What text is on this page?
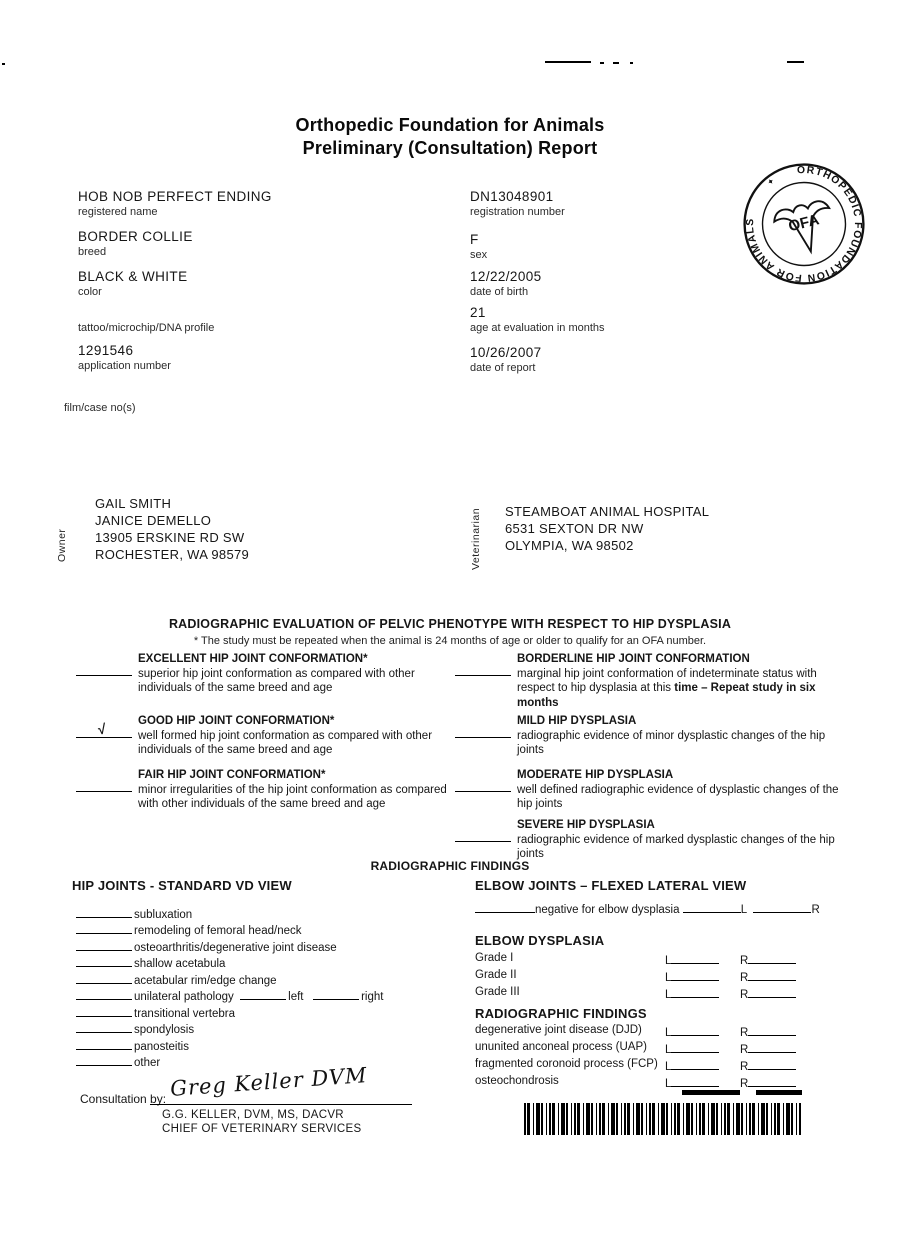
Orthopedic Foundation for Animals
Preliminary (Consultation) Report
ORTHOPEDIC FOUNDATION FOR ANIMALS
✦
OFA
HOB NOB PERFECT ENDING
registered name
BORDER COLLIE
breed
BLACK & WHITE
color
tattoo/microchip/DNA profile
1291546
application number
DN13048901
registration number
F
sex
12/22/2005
date of birth
21
age at evaluation in months
10/26/2007
date of report
film/case no(s)
Owner
GAIL SMITH
JANICE DEMELLO
13905 ERSKINE RD SW
ROCHESTER, WA 98579	Veterinarian STEAMBOAT ANIMAL HOSPITAL
6531 SEXTON DR NW
OLYMPIA, WA 98502
RADIOGRAPHIC EVALUATION OF PELVIC PHENOTYPE WITH RESPECT TO HIP DYSPLASIA
* The study must be repeated when the animal is 24 months of age or older to qualify for an OFA number.
EXCELLENT HIP JOINT CONFORMATION*
superior hip joint conformation as compared with other individuals of the same breed and age
√	GOOD HIP JOINT CONFORMATION*
well formed hip joint conformation as compared with other individuals of the same breed and age
FAIR HIP JOINT CONFORMATION*
minor irregularities of the hip joint conformation as compared with other individuals of the same breed and age
BORDERLINE HIP JOINT CONFORMATION
marginal hip joint conformation of indeterminate status with respect to hip dysplasia at this time – Repeat study in six months
MILD HIP DYSPLASIA
radiographic evidence of minor dysplastic changes of the hip joints
MODERATE HIP DYSPLASIA
well defined radiographic evidence of dysplastic changes of the hip joints
SEVERE HIP DYSPLASIA
radiographic evidence of marked dysplastic changes of the hip joints
RADIOGRAPHIC FINDINGS
HIP JOINTS - STANDARD VD VIEW
subluxation
remodeling of femoral head/neck
osteoarthritis/degenerative joint disease
shallow acetabula
acetabular rim/edge change
unilateral pathology	left	right
transitional vertebra
spondylosis
panosteitis
other
ELBOW JOINTS – FLEXED LATERAL VIEW
negative for elbow dysplasia	L	R
ELBOW DYSPLASIA
Grade I	L	R
Grade II	L	R
Grade III	L	R
RADIOGRAPHIC FINDINGS
degenerative joint disease (DJD) L	R
ununited anconeal process (UAP) L	R
fragmented coronoid process (FCP) L	R
osteochondrosis	L	R
Consultation by: Greg Keller DVM
G.G. KELLER, DVM, MS, DACVR
CHIEF OF VETERINARY SERVICES
